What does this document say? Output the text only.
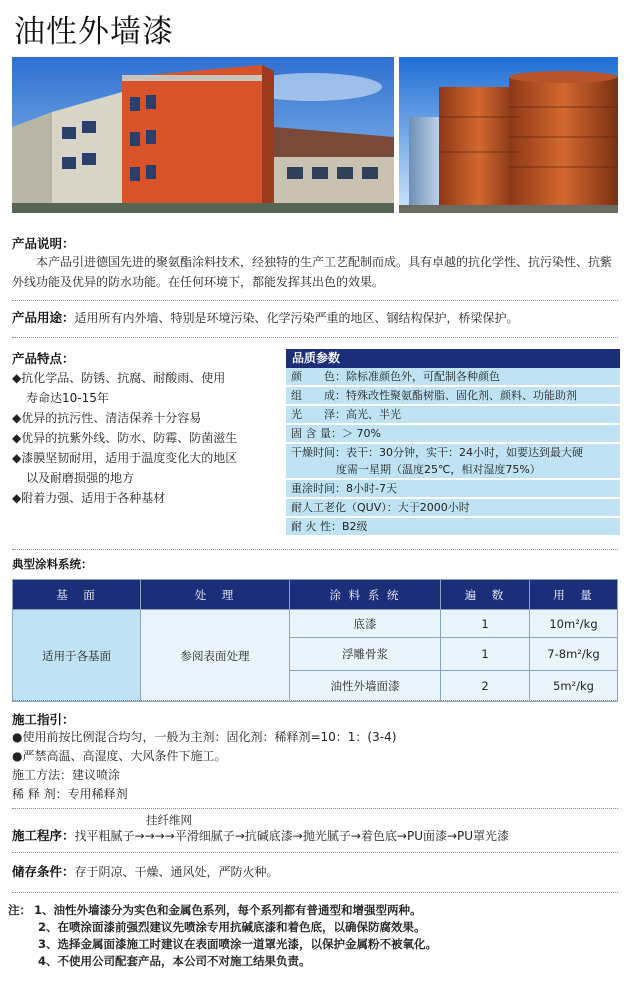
油性外墙漆
产品说明：
本产品引进德国先进的聚氨酯涂料技术，经独特的生产工艺配制而成。具有卓越的抗化学性、抗污染性、抗紫外线功能及优异的防水功能。在任何环境下，都能发挥其出色的效果。
产品用途：适用所有内外墙、特别是环境污染、化学污染严重的地区、钢结构保护，桥梁保护。
产品特点：
◆抗化学品、防锈、抗腐、耐酸雨、使用
寿命达10-15年
◆优异的抗污性、清洁保养十分容易
◆优异的抗紫外线、防水、防霉、防菌滋生
◆漆膜坚韧耐用，适用于温度变化大的地区
以及耐磨损强的地方
◆附着力强、适用于各种基材
品质参数
颜　　色：除标准颜色外，可配制各种颜色
组　　成：特殊改性聚氨酯树脂、固化剂、颜料、功能助剂
光　　泽：高光、半光
固 含 量：＞ 70%
干燥时间：表干：30分钟，实干：24小时，如要达到最大硬
度需一星期（温度25℃，相对湿度75%）
重涂时间：8小时-7天
耐人工老化（QUV）：大于2000小时
耐 火 性：B2级
典型涂料系统：
基　面	处　理	涂 料 系 统	遍　数	用　量
适用于各基面	参阅表面处理	底漆	1	10m²/kg
		浮雕骨浆	1	7-8m²/kg
		油性外墙面漆	2	5m²/kg
施工指引：
●使用前按比例混合均匀，一般为主剂：固化剂：稀释剂=10：1：(3-4)
●严禁高温、高湿度、大风条件下施工。
施工方法：建议喷涂
稀 释 剂：专用稀释剂
挂纤维网
施工程序：找平粗腻子→→→→平滑细腻子→抗碱底漆→抛光腻子→着色底→PU面漆→PU罩光漆
储存条件：存于阴凉、干燥、通风处，严防火种。
注： 1、油性外墙漆分为实色和金属色系列，每个系列都有普通型和增强型两种。
2、在喷涂面漆前强烈建议先喷涂专用抗碱底漆和着色底，以确保防腐效果。
3、选择金属面漆施工时建议在表面喷涂一道罩光漆，以保护金属粉不被氧化。
4、不使用公司配套产品，本公司不对施工结果负责。
